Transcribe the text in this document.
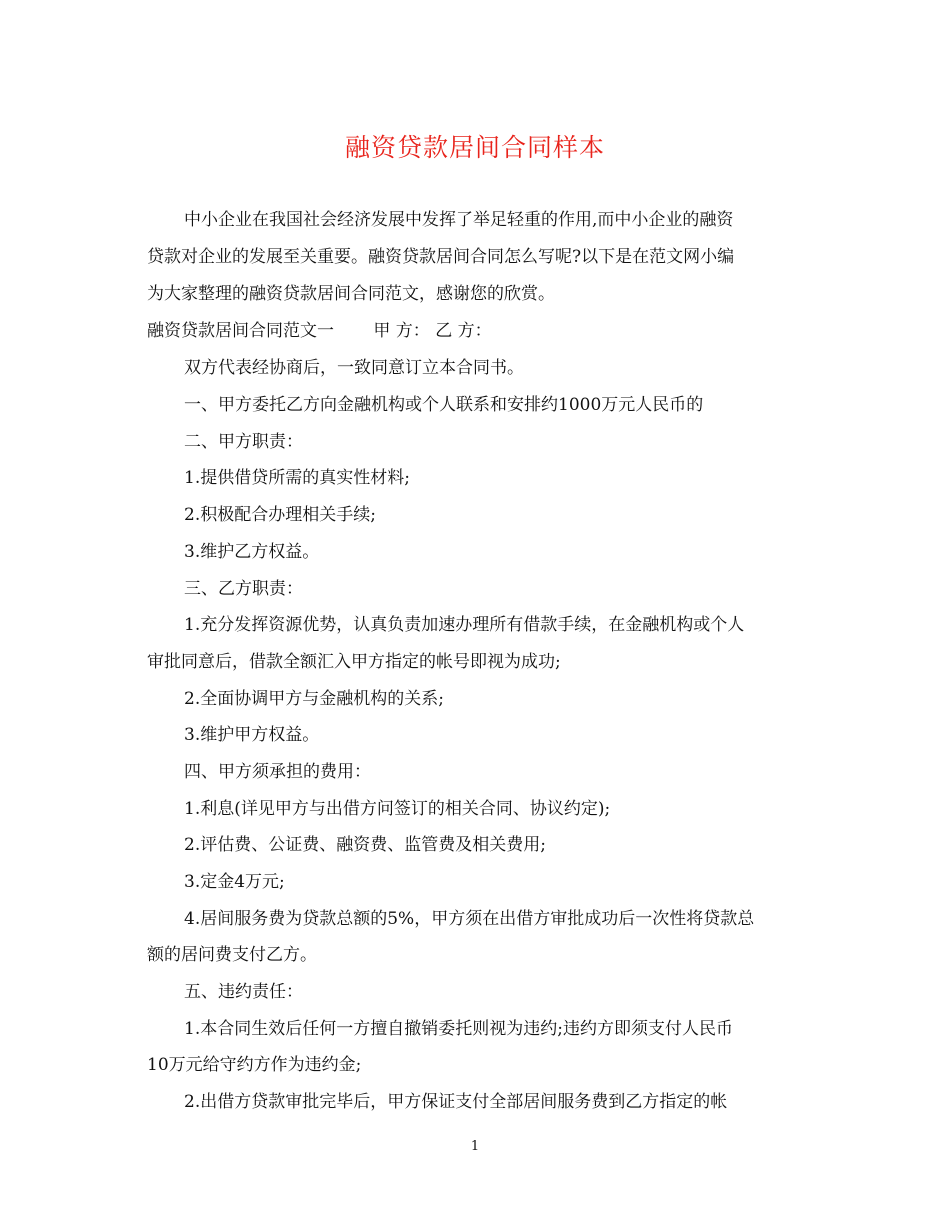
融资贷款居间合同样本
中小企业在我国社会经济发展中发挥了举足轻重的作用,而中小企业的融资
贷款对企业的发展至关重要。融资贷款居间合同怎么写呢?以下是在范文网小编
为大家整理的融资贷款居间合同范文，感谢您的欣赏。
融资贷款居间合同范文一　　 甲 方： 乙 方：
双方代表经协商后，一致同意订立本合同书。
一、甲方委托乙方向金融机构或个人联系和安排约1000万元人民币的
二、甲方职责：
1.提供借贷所需的真实性材料;
2.积极配合办理相关手续;
3.维护乙方权益。
三、乙方职责：
1.充分发挥资源优势，认真负责加速办理所有借款手续，在金融机构或个人
审批同意后，借款全额汇入甲方指定的帐号即视为成功;
2.全面协调甲方与金融机构的关系;
3.维护甲方权益。
四、甲方须承担的费用：
1.利息(详见甲方与出借方问签订的相关合同、协议约定);
2.评估费、公证费、融资费、监管费及相关费用;
3.定金4万元;
4.居间服务费为贷款总额的5%，甲方须在出借方审批成功后一次性将贷款总
额的居问费支付乙方。
五、违约责任：
1.本合同生效后任何一方擅自撤销委托则视为违约;违约方即须支付人民币
10万元给守约方作为违约金;
2.出借方贷款审批完毕后，甲方保证支付全部居间服务费到乙方指定的帐
1
